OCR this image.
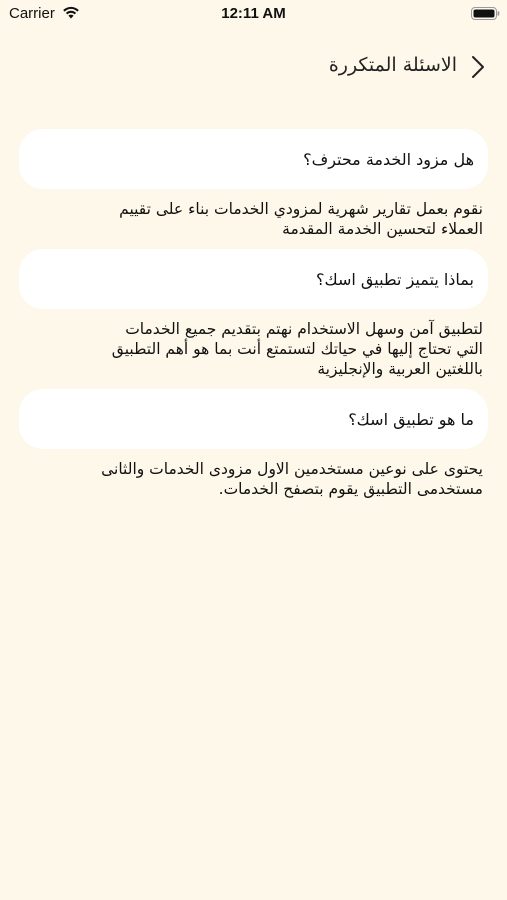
Carrier	12:11 AM
الاسئلة المتكررة
هل مزود الخدمة محترف؟
نقوم بعمل تقارير شهرية لمزودي الخدمات بناء على تقييم
العملاء لتحسين الخدمة المقدمة
بماذا يتميز تطبيق اسك؟
لتطبيق آمن وسهل الاستخدام نهتم بتقديم جميع الخدمات
التي تحتاج إليها في حياتك لتستمتع أنت بما هو أهم التطبيق
باللغتين العربية والإنجليزية
ما هو تطبيق اسك؟
يحتوى على نوعين مستخدمين الاول مزودى الخدمات والثانى
مستخدمى التطبيق يقوم بتصفح الخدمات.
